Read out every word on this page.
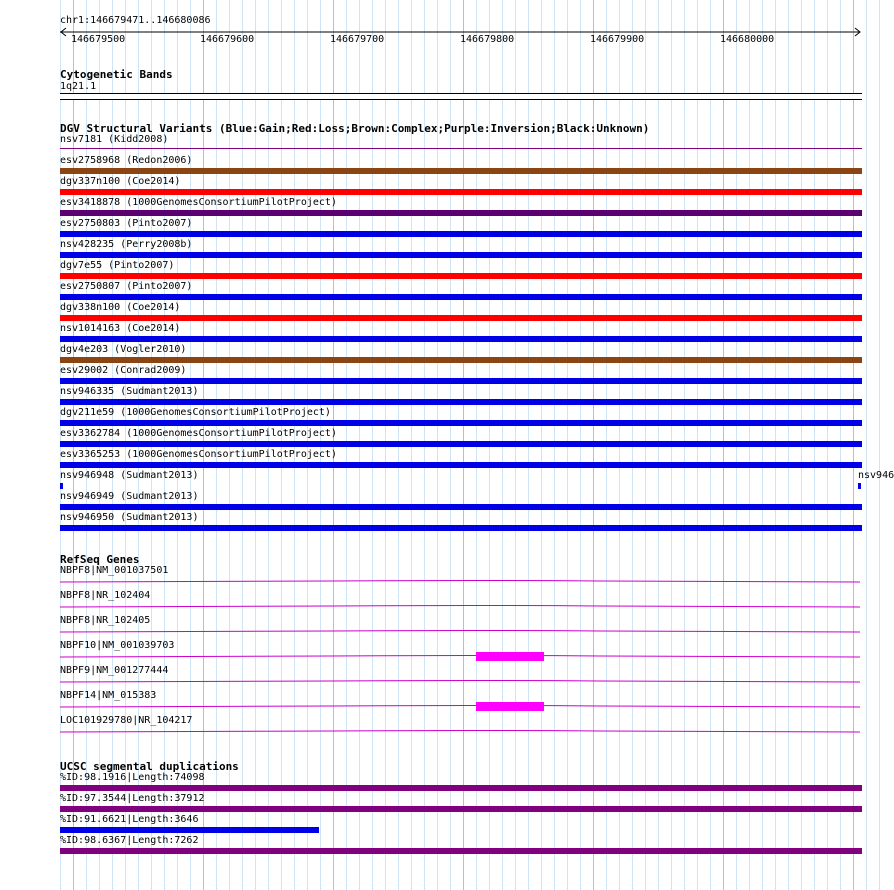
chr1:146679471..146680086
146679500	146679600	146679700	146679800	146679900	146680000
Cytogenetic Bands
1q21.1
DGV Structural Variants (Blue:Gain;Red:Loss;Brown:Complex;Purple:Inversion;Black:Unknown)
nsv7181 (Kidd2008)
esv2758968 (Redon2006)
dgv337n100 (Coe2014)
esv3418878 (1000GenomesConsortiumPilotProject)
esv2750803 (Pinto2007)
nsv428235 (Perry2008b)
dgv7e55 (Pinto2007)
esv2750807 (Pinto2007)
dgv338n100 (Coe2014)
nsv1014163 (Coe2014)
dgv4e203 (Vogler2010)
esv29002 (Conrad2009)
nsv946335 (Sudmant2013)
dgv211e59 (1000GenomesConsortiumPilotProject)
esv3362784 (1000GenomesConsortiumPilotProject)
esv3365253 (1000GenomesConsortiumPilotProject)
nsv946948 (Sudmant2013)
nsv946949 (Sudmant2013)
nsv946950 (Sudmant2013)
nsv946
RefSeq Genes
NBPF8|NM_001037501
NBPF8|NR_102404
NBPF8|NR_102405
NBPF10|NM_001039703
NBPF9|NM_001277444
NBPF14|NM_015383
LOC101929780|NR_104217
UCSC segmental duplications
%ID:98.1916|Length:74098
%ID:97.3544|Length:37912
%ID:91.6621|Length:3646
%ID:98.6367|Length:7262
